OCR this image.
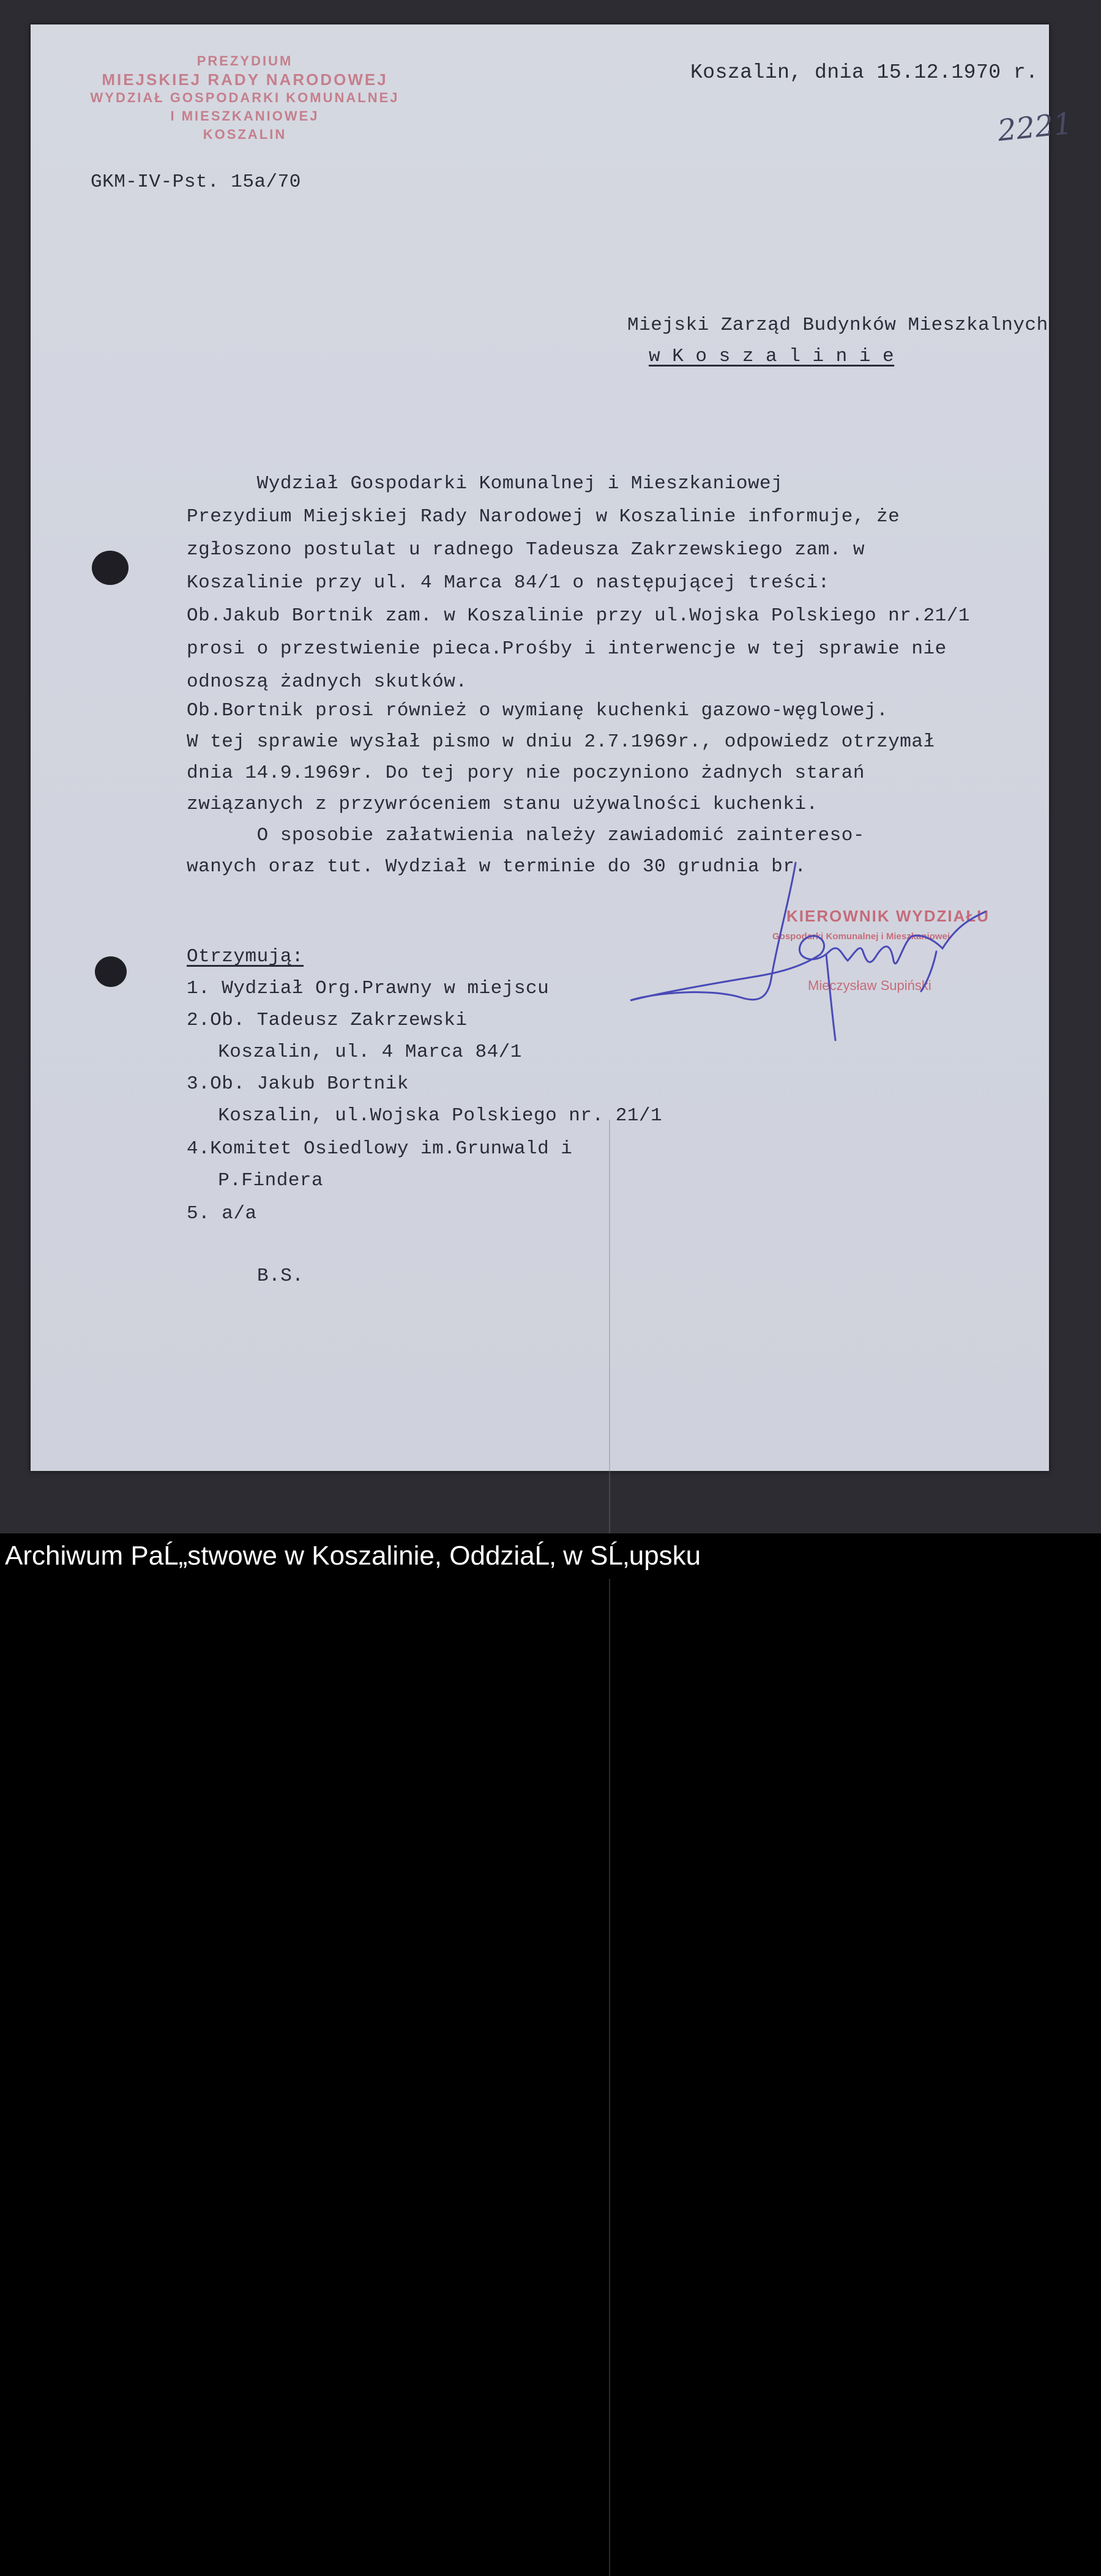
PREZYDIUM
MIEJSKIEJ RADY NARODOWEJ
WYDZIAŁ GOSPODARKI KOMUNALNEJ
I MIESZKANIOWEJ
KOSZALIN
Koszalin, dnia 15.12.1970 r.
2221
GKM-IV-Pst. 15a/70
Miejski Zarząd Budynków Mieszkalnych
w K o s z a l i n i e
Wydział Gospodarki Komunalnej i Mieszkaniowej
Prezydium Miejskiej Rady Narodowej w Koszalinie informuje, że
zgłoszono postulat u radnego Tadeusza Zakrzewskiego zam. w
Koszalinie przy ul. 4 Marca 84/1 o następującej treści:
Ob.Jakub Bortnik zam. w Koszalinie przy ul.Wojska Polskiego nr.21/1
prosi o przestwienie pieca.Prośby i interwencje w tej sprawie nie
odnoszą żadnych skutków.
Ob.Bortnik prosi również o wymianę kuchenki gazowo-węglowej.
W tej sprawie wysłał pismo w dniu 2.7.1969r., odpowiedz otrzymał
dnia 14.9.1969r. Do tej pory nie poczyniono żadnych starań
związanych z przywróceniem stanu używalności kuchenki.
O sposobie załatwienia należy zawiadomić zaintereso-
wanych oraz tut. Wydział w terminie do 30 grudnia br.
KIEROWNIK WYDZIAŁU
Gospodarki Komunalnej i Mieszkaniowej
Mieczysław Supiński
Otrzymują:
1. Wydział Org.Prawny w miejscu
2.Ob. Tadeusz Zakrzewski
Koszalin, ul. 4 Marca 84/1
3.Ob. Jakub Bortnik
Koszalin, ul.Wojska Polskiego nr. 21/1
4.Komitet Osiedlowy im.Grunwald i
P.Findera
5. a/a
B.S.
Archiwum PaĹ„stwowe w Koszalinie, OddziaĹ‚ w SĹ‚upsku
